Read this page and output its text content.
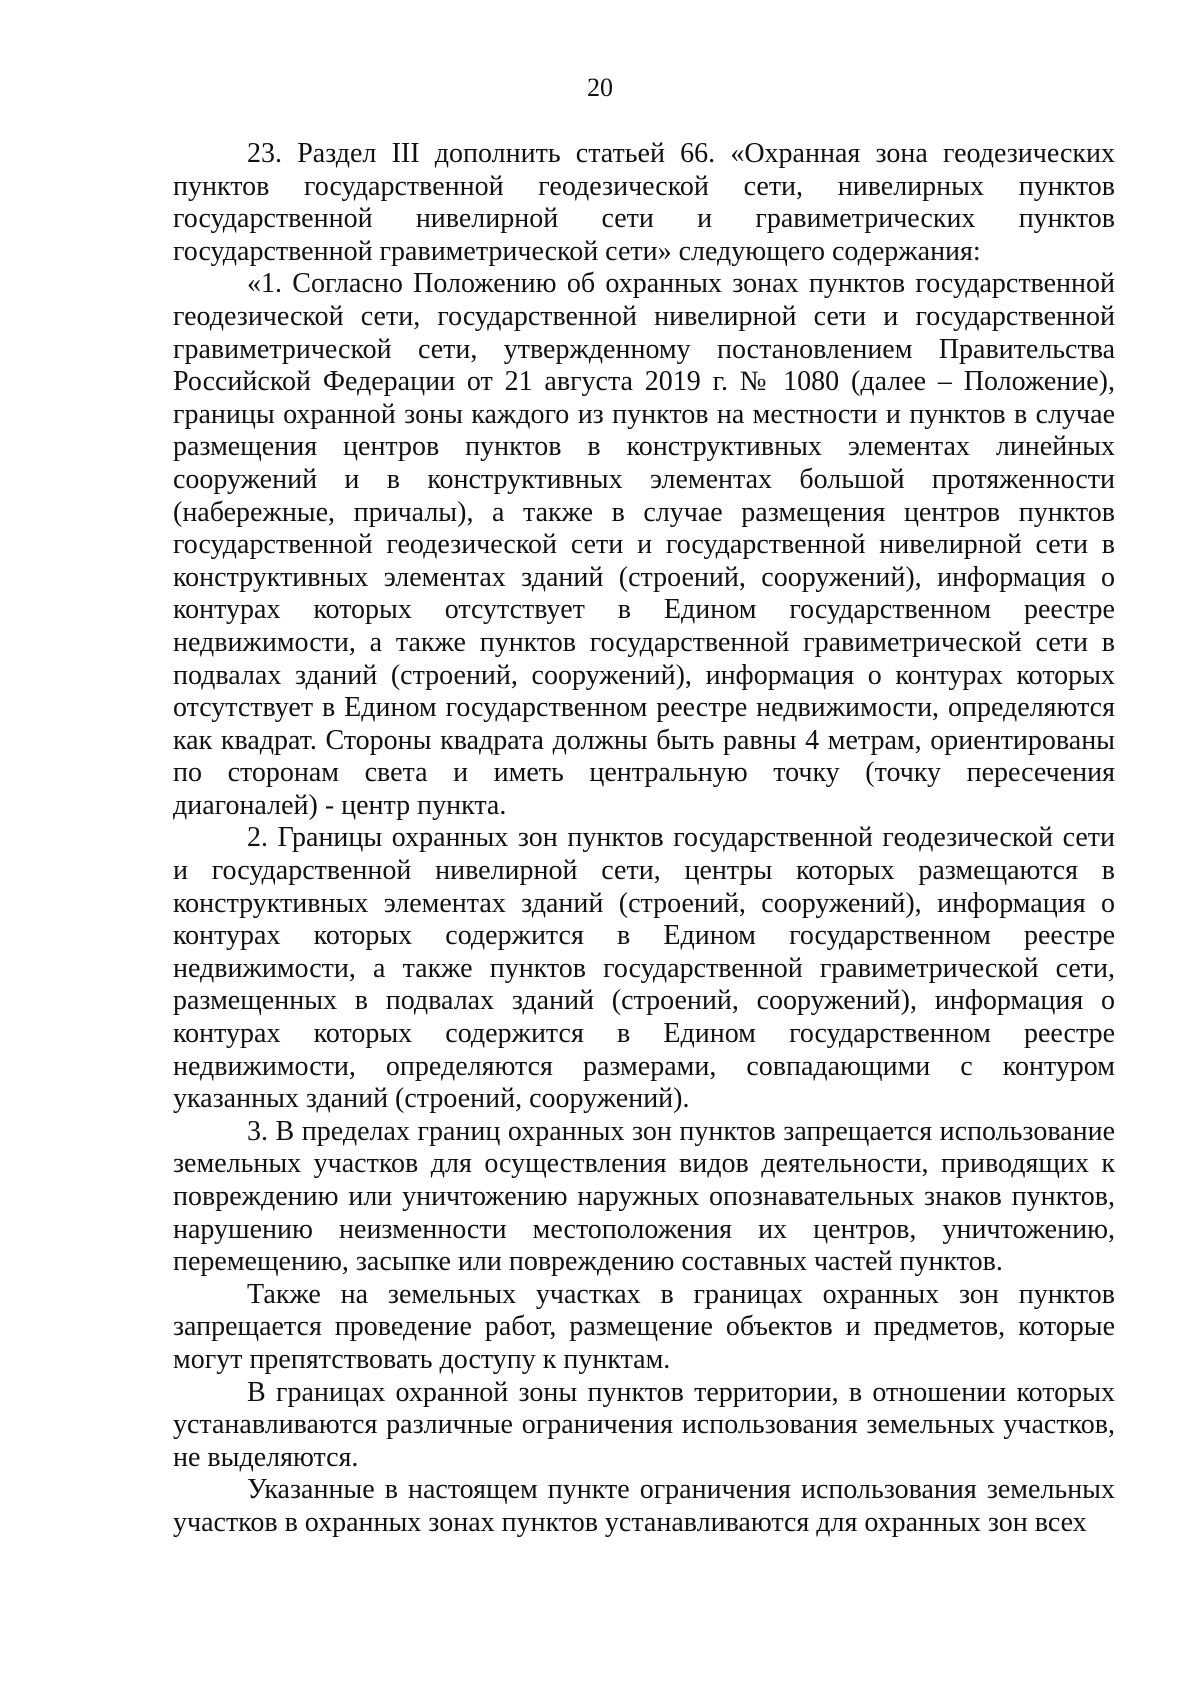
20

23. Раздел III дополнить статьей 66. «Охранная зона геодезических пунктов государственной геодезической сети, нивелирных пунктов государственной нивелирной сети и гравиметрических пунктов государственной гравиметрической сети» следующего содержания:

«1. Согласно Положению об охранных зонах пунктов государственной геодезической сети, государственной нивелирной сети и государственной гравиметрической сети, утвержденному постановлением Правительства Российской Федерации от 21 августа 2019 г. № 1080 (далее – Положение), границы охранной зоны каждого из пунктов на местности и пунктов в случае размещения центров пунктов в конструктивных элементах линейных сооружений и в конструктивных элементах большой протяженности (набережные, причалы), а также в случае размещения центров пунктов государственной геодезической сети и государственной нивелирной сети в конструктивных элементах зданий (строений, сооружений), информация о контурах которых отсутствует в Едином государственном реестре недвижимости, а также пунктов государственной гравиметрической сети в подвалах зданий (строений, сооружений), информация о контурах которых отсутствует в Едином государственном реестре недвижимости, определяются как квадрат. Стороны квадрата должны быть равны 4 метрам, ориентированы по сторонам света и иметь центральную точку (точку пересечения диагоналей) - центр пункта.

2. Границы охранных зон пунктов государственной геодезической сети и государственной нивелирной сети, центры которых размещаются в конструктивных элементах зданий (строений, сооружений), информация о контурах которых содержится в Едином государственном реестре недвижимости, а также пунктов государственной гравиметрической сети, размещенных в подвалах зданий (строений, сооружений), информация о контурах которых содержится в Едином государственном реестре недвижимости, определяются размерами, совпадающими с контуром указанных зданий (строений, сооружений).

3. В пределах границ охранных зон пунктов запрещается использование земельных участков для осуществления видов деятельности, приводящих к повреждению или уничтожению наружных опознавательных знаков пунктов, нарушению неизменности местоположения их центров, уничтожению, перемещению, засыпке или повреждению составных частей пунктов.

Также на земельных участках в границах охранных зон пунктов запрещается проведение работ, размещение объектов и предметов, которые могут препятствовать доступу к пунктам.

В границах охранной зоны пунктов территории, в отношении которых устанавливаются различные ограничения использования земельных участков, не выделяются.

Указанные в настоящем пункте ограничения использования земельных участков в охранных зонах пунктов устанавливаются для охранных зон всех
